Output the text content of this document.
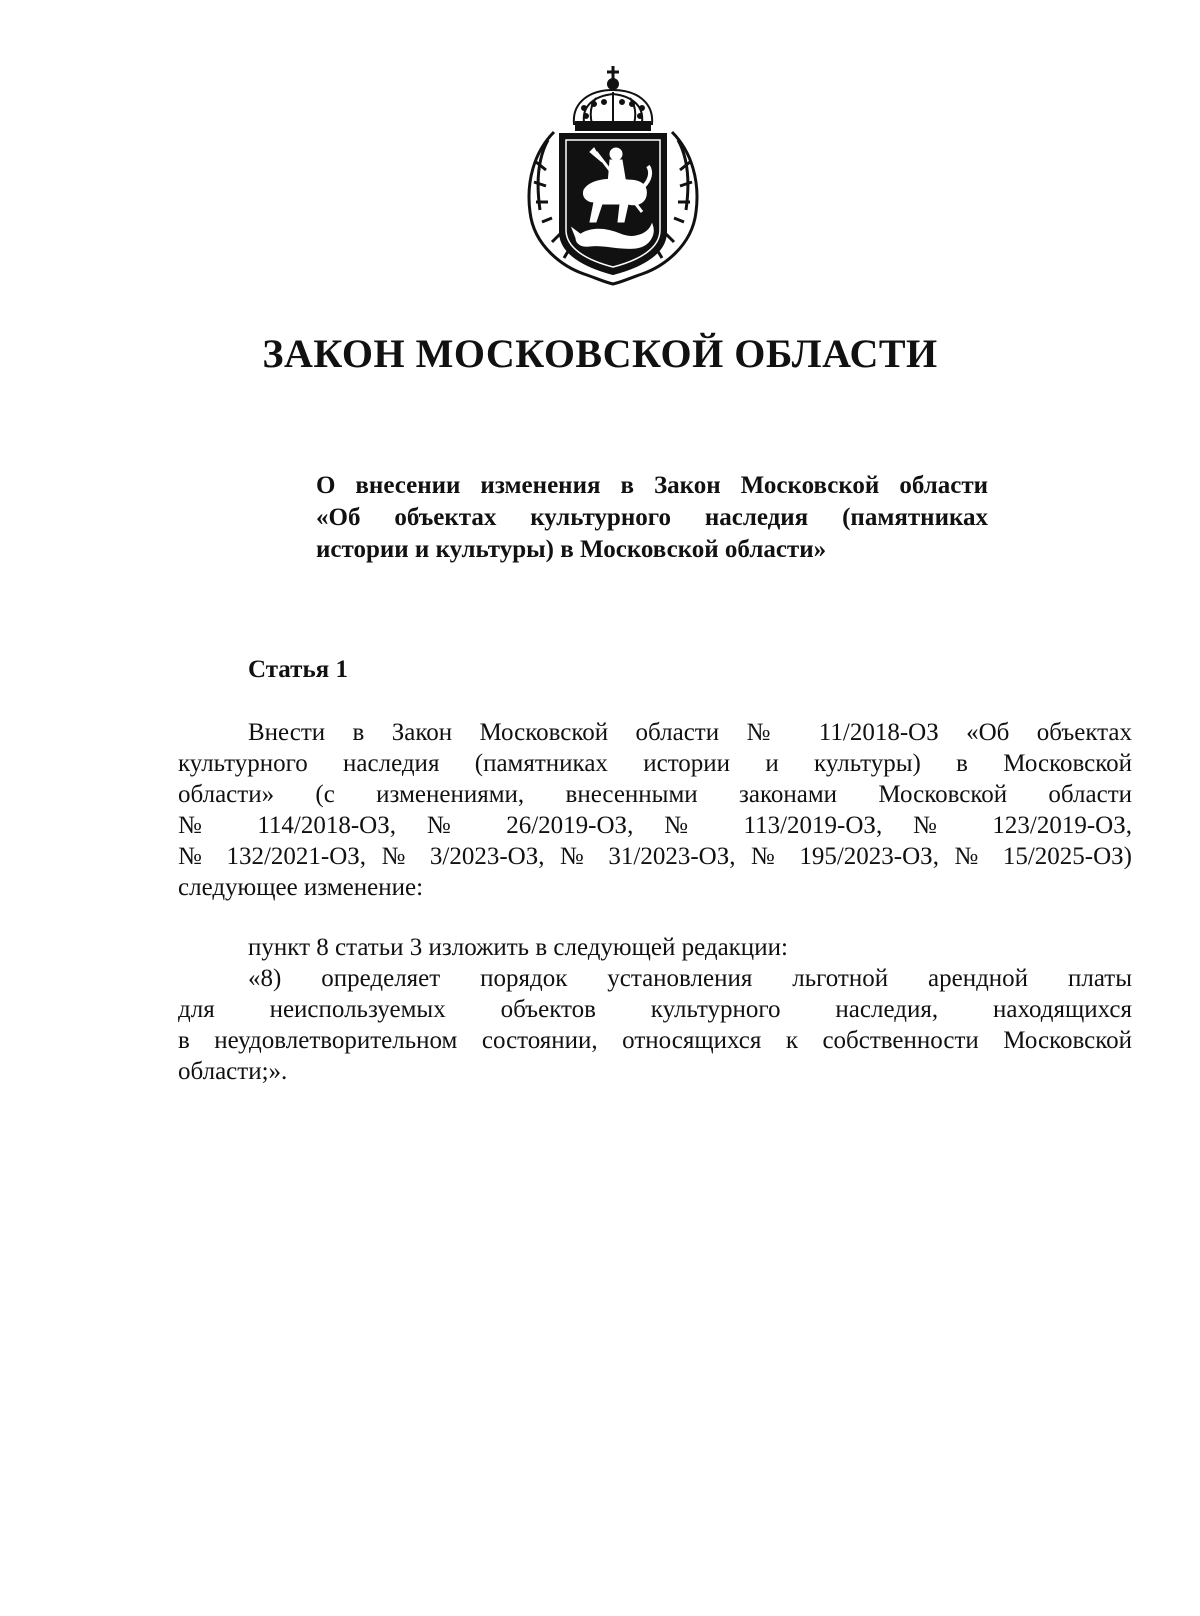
ЗАКОН МОСКОВСКОЙ ОБЛАСТИ
О внесении изменения в Закон Московской области
«Об объектах культурного наследия (памятниках
истории и культуры) в Московской области»
Статья 1
Внести в Закон Московской области № 11/2018-ОЗ «Об объектах
культурного наследия (памятниках истории и культуры) в Московской
области» (с изменениями, внесенными законами Московской области
№ 114/2018-ОЗ, № 26/2019-ОЗ, № 113/2019-ОЗ, № 123/2019-ОЗ,
№ 132/2021-ОЗ, № 3/2023-ОЗ, № 31/2023-ОЗ, № 195/2023-ОЗ, № 15/2025-ОЗ)
следующее изменение:
пункт 8 статьи 3 изложить в следующей редакции:
«8) определяет порядок установления льготной арендной платы
для неиспользуемых объектов культурного наследия, находящихся
в неудовлетворительном состоянии, относящихся к собственности Московской
области;».
